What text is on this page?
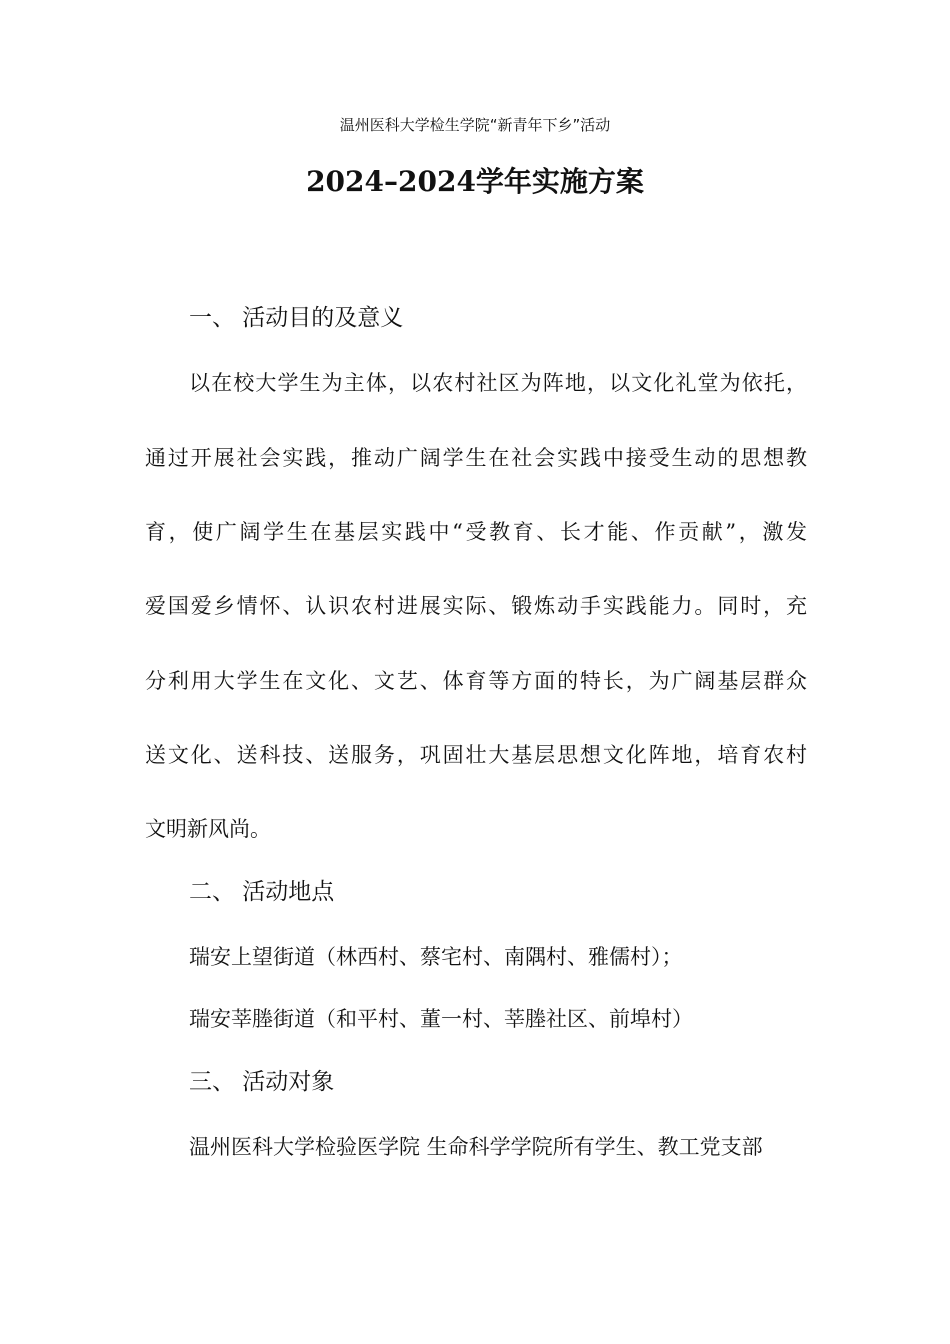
温州医科大学检生学院“新青年下乡”活动
2024–2024学年实施方案
一、 活动目的及意义
以在校大学生为主体，以农村社区为阵地，以文化礼堂为依托，
通过开展社会实践，推动广阔学生在社会实践中接受生动的思想教
育，使广阔学生在基层实践中“受教育、长才能、作贡献”，激发
爱国爱乡情怀、认识农村进展实际、锻炼动手实践能力。同时，充
分利用大学生在文化、文艺、体育等方面的特长，为广阔基层群众
送文化、送科技、送服务，巩固壮大基层思想文化阵地，培育农村
文明新风尚。
二、 活动地点
瑞安上望街道（林西村、蔡宅村、南隅村、雅儒村）；
瑞安莘塍街道（和平村、董一村、莘塍社区、前埠村）
三、 活动对象
温州医科大学检验医学院 生命科学学院所有学生、教工党支部
